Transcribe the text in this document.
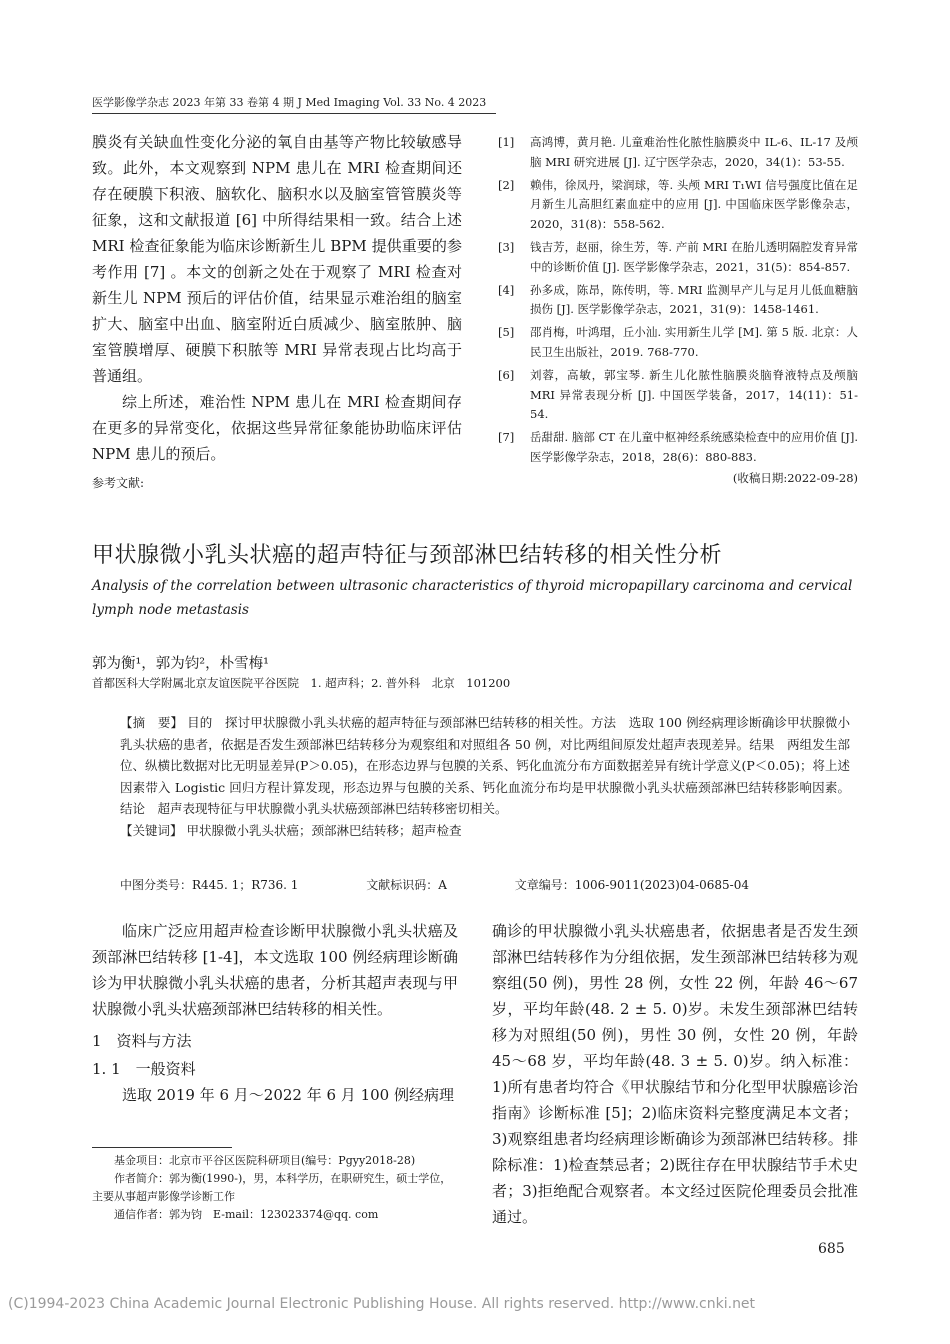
医学影像学杂志 2023 年第 33 卷第 4 期 J Med Imaging Vol. 33 No. 4 2023

膜炎有关缺血性变化分泌的氧自由基等产物比较敏感导致。此外，本文观察到 NPM 患儿在 MRI 检查期间还存在硬膜下积液、脑软化、脑积水以及脑室管管膜炎等征象，这和文献报道 [6] 中所得结果相一致。结合上述 MRI 检查征象能为临床诊断新生儿 BPM 提供重要的参考作用 [7] 。本文的创新之处在于观察了 MRI 检查对新生儿 NPM 预后的评估价值，结果显示难治组的脑室扩大、脑室中出血、脑室附近白质减少、脑室脓肿、脑室管膜增厚、硬膜下积脓等 MRI 异常表现占比均高于普通组。

综上所述，难治性 NPM 患儿在 MRI 检查期间存在更多的异常变化，依据这些异常征象能协助临床评估 NPM 患儿的预后。

参考文献:
[1]	高鸿博，黄月艳. 儿童难治性化脓性脑膜炎中 IL-6、IL-17 及颅脑 MRI 研究进展 [J]. 辽宁医学杂志，2020，34(1)：53-55.
[2]	赖伟，徐凤丹，梁润球，等. 头颅 MRI T₁WI 信号强度比值在足月新生儿高胆红素血症中的应用 [J]. 中国临床医学影像杂志，2020，31(8)：558-562.
[3]	钱吉芳，赵丽，徐生芳，等. 产前 MRI 在胎儿透明隔腔发育异常中的诊断价值 [J]. 医学影像学杂志，2021，31(5)：854-857.
[4]	孙多成，陈昂，陈传明，等. MRI 监测早产儿与足月儿低血糖脑损伤 [J]. 医学影像学杂志，2021，31(9)：1458-1461.
[5]	邵肖梅，叶鸿瑁，丘小汕. 实用新生儿学 [M]. 第 5 版. 北京：人民卫生出版社，2019. 768-770.
[6]	刘蓉，高敏，郭宝琴. 新生儿化脓性脑膜炎脑脊液特点及颅脑 MRI 异常表现分析 [J]. 中国医学装备，2017，14(11)：51-54.
[7]	岳甜甜. 脑部 CT 在儿童中枢神经系统感染检查中的应用价值 [J]. 医学影像学杂志，2018，28(6)：880-883.
(收稿日期:2022-09-28)
甲状腺微小乳头状癌的超声特征与颈部淋巴结转移的相关性分析
Analysis of the correlation between ultrasonic characteristics of thyroid micropapillary carcinoma and cervical lymph node metastasis
郭为衡¹，郭为钧²，朴雪梅¹
首都医科大学附属北京友谊医院平谷医院　1. 超声科；2. 普外科　北京　101200

【摘　要】 目的　探讨甲状腺微小乳头状癌的超声特征与颈部淋巴结转移的相关性。方法　选取 100 例经病理诊断确诊甲状腺微小乳头状癌的患者，依据是否发生颈部淋巴结转移分为观察组和对照组各 50 例，对比两组间原发灶超声表现差异。结果　两组发生部位、纵横比数据对比无明显差异(P＞0.05)，在形态边界与包膜的关系、钙化血流分布方面数据差异有统计学意义(P＜0.05)；将上述因素带入 Logistic 回归方程计算发现，形态边界与包膜的关系、钙化血流分布均是甲状腺微小乳头状癌颈部淋巴结转移影响因素。结论　超声表现特征与甲状腺微小乳头状癌颈部淋巴结转移密切相关。

【关键词】 甲状腺微小乳头状癌；颈部淋巴结转移；超声检查

中图分类号：R445. 1；R736. 1	文献标识码：A	文章编号：1006-9011(2023)04-0685-04

临床广泛应用超声检查诊断甲状腺微小乳头状癌及颈部淋巴结转移 [1-4]，本文选取 100 例经病理诊断确诊为甲状腺微小乳头状癌的患者，分析其超声表现与甲状腺微小乳头状癌颈部淋巴结转移的相关性。

1　资料与方法

1. 1　一般资料

选取 2019 年 6 月～2022 年 6 月 100 例经病理

确诊的甲状腺微小乳头状癌患者，依据患者是否发生颈部淋巴结转移作为分组依据，发生颈部淋巴结转移为观察组(50 例)，男性 28 例，女性 22 例，年龄 46～67 岁，平均年龄(48. 2 ± 5. 0)岁。未发生颈部淋巴结转移为对照组(50 例)，男性 30 例，女性 20 例，年龄 45～68 岁，平均年龄(48. 3 ± 5. 0)岁。纳入标准：1)所有患者均符合《甲状腺结节和分化型甲状腺癌诊治指南》诊断标准 [5]；2)临床资料完整度满足本文者；3)观察组患者均经病理诊断确诊为颈部淋巴结转移。排除标准：1)检查禁忌者；2)既往存在甲状腺结节手术史者；3)拒绝配合观察者。本文经过医院伦理委员会批准通过。

基金项目：北京市平谷区医院科研项目(编号：Pgyy2018-28)

作者简介：郭为衡(1990-)，男，本科学历，在职研究生，硕士学位，主要从事超声影像学诊断工作

通信作者：郭为钧　E-mail：123023374@qq. com

685
(C)1994-2023 China Academic Journal Electronic Publishing House. All rights reserved. http://www.cnki.net
